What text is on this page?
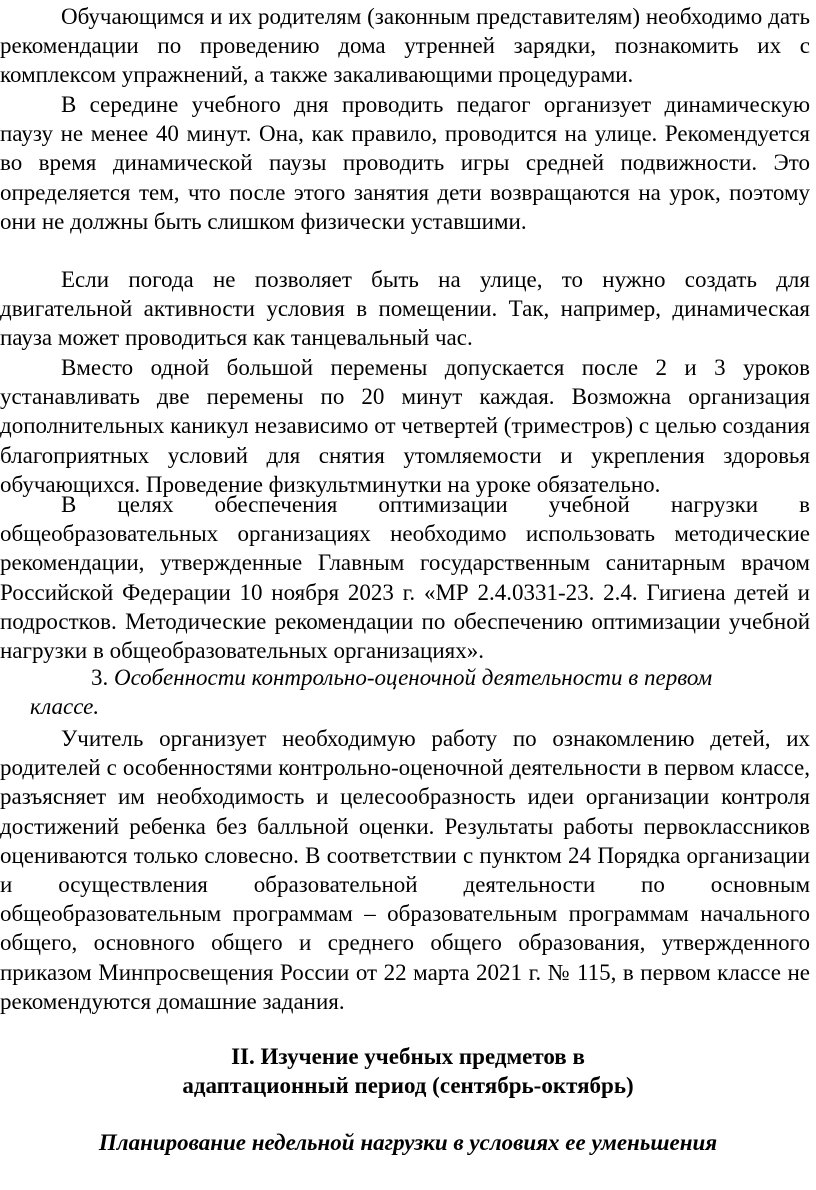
Обучающимся и их родителям (законным представителям) необходимо дать рекомендации по проведению дома утренней зарядки, познакомить их с комплексом упражнений, а также закаливающими процедурами.

В середине учебного дня проводить педагог организует динамическую паузу не менее 40 минут. Она, как правило, проводится на улице. Рекомендуется во время динамической паузы проводить игры средней подвижности. Это определяется тем, что после этого занятия дети возвращаются на урок, поэтому они не должны быть слишком физически уставшими.

Если погода не позволяет быть на улице, то нужно создать для двигательной активности условия в помещении. Так, например, динамическая пауза может проводиться как танцевальный час.

Вместо одной большой перемены допускается после 2 и 3 уроков устанавливать две перемены по 20 минут каждая. Возможна организация дополнительных каникул независимо от четвертей (триместров) с целью создания благоприятных условий для снятия утомляемости и укрепления здоровья обучающихся. Проведение физкультминутки на уроке обязательно.

В целях обеспечения оптимизации учебной нагрузки в общеобразовательных организациях необходимо использовать методические рекомендации, утвержденные Главным государственным санитарным врачом Российской Федерации 10 ноября 2023 г. «МР 2.4.0331-23. 2.4. Гигиена детей и подростков. Методические рекомендации по обеспечению оптимизации учебной нагрузки в общеобразовательных организациях».

3. Особенности контрольно-оценочной деятельности в первом

классе.

Учитель организует необходимую работу по ознакомлению детей, их родителей с особенностями контрольно-оценочной деятельности в первом классе, разъясняет им необходимость и целесообразность идеи организации контроля достижений ребенка без балльной оценки. Результаты работы первоклассников оцениваются только словесно. В соответствии с пунктом 24 Порядка организации и осуществления образовательной деятельности по основным общеобразовательным программам – образовательным программам начального общего, основного общего и среднего общего образования, утвержденного приказом Минпросвещения России от 22 марта 2021 г. № 115, в первом классе не рекомендуются домашние задания.

II. Изучение учебных предметов в

адаптационный период (сентябрь-октябрь)

Планирование недельной нагрузки в условиях ее уменьшения
